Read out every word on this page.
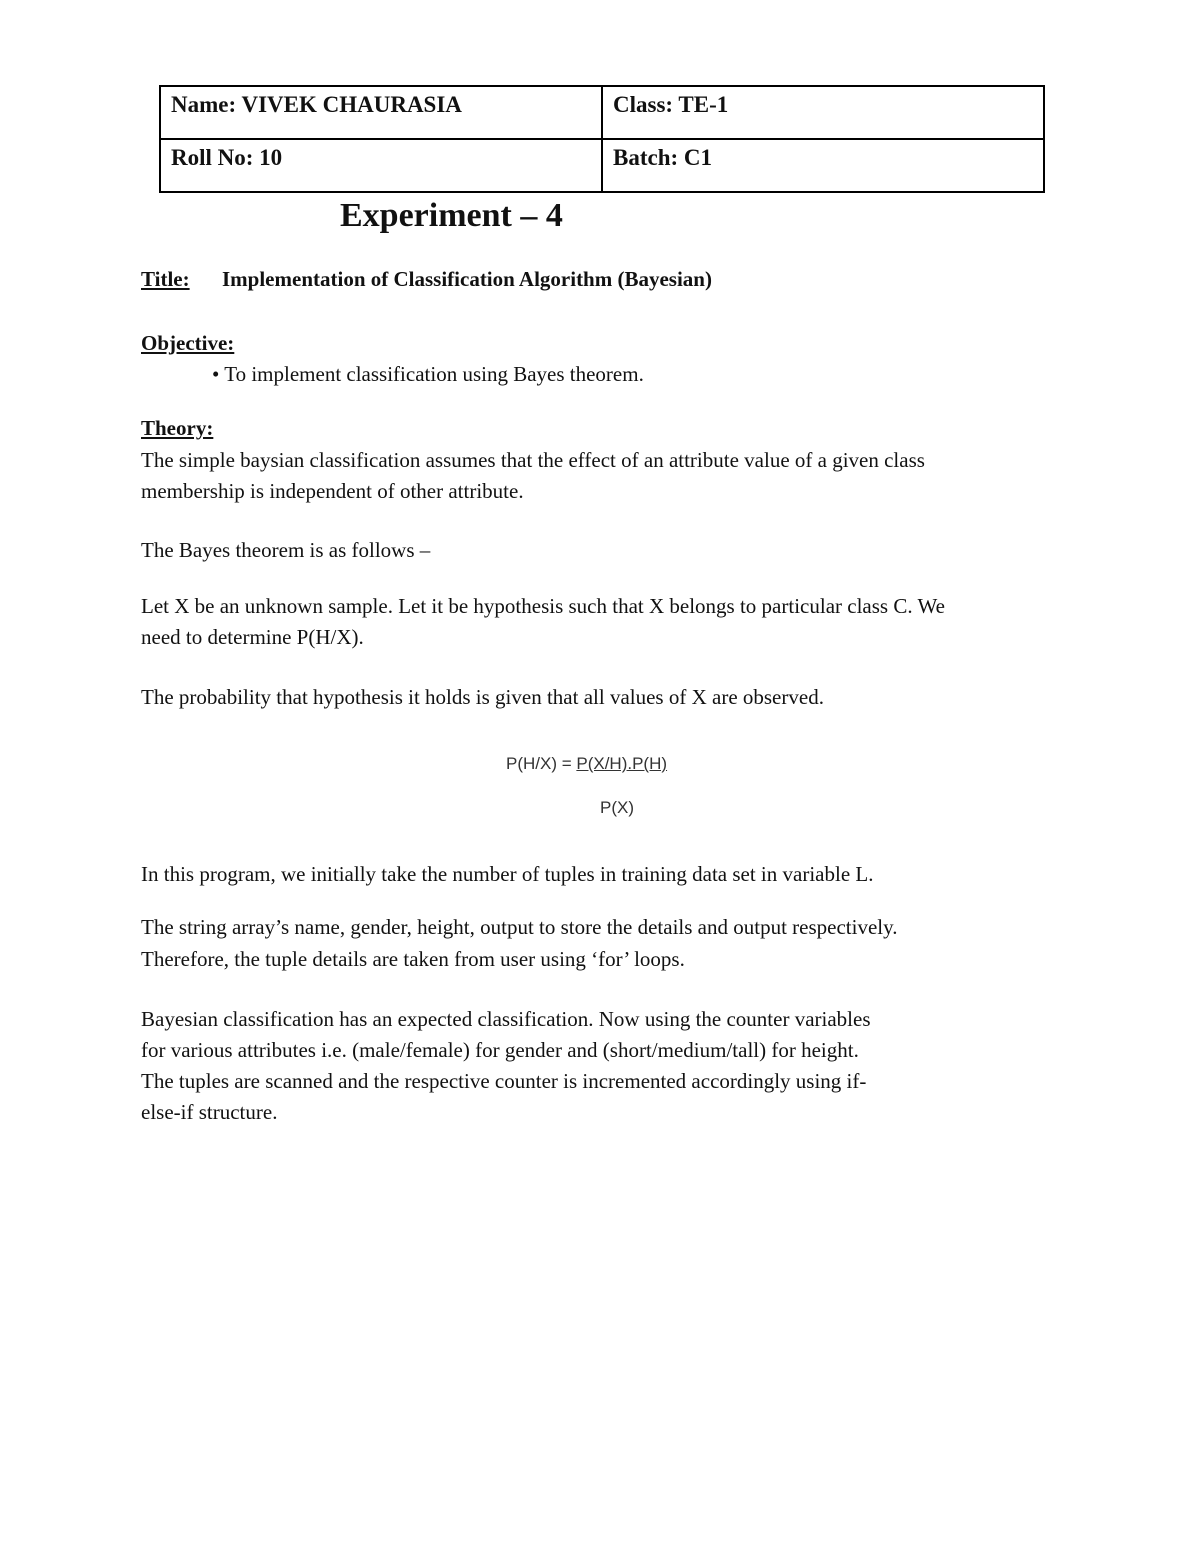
Name: VIVEK CHAURASIA	Class: TE-1
Roll No: 10	Batch: C1
Experiment – 4
Title: Implementation of Classification Algorithm (Bayesian)
Objective:
• To implement classification using Bayes theorem.
Theory:
The simple baysian classification assumes that the effect of an attribute value of a given class
membership is independent of other attribute.
The Bayes theorem is as follows –
Let X be an unknown sample. Let it be hypothesis such that X belongs to particular class C. We
need to determine P(H/X).
The probability that hypothesis it holds is given that all values of X are observed.
P(H/X) = P(X/H).P(H)
P(X)
In this program, we initially take the number of tuples in training data set in variable L.
The string array’s name, gender, height, output to store the details and output respectively.
Therefore, the tuple details are taken from user using ‘for’ loops.
Bayesian classification has an expected classification. Now using the counter variables
for various attributes i.e. (male/female) for gender and (short/medium/tall) for height.
The tuples are scanned and the respective counter is incremented accordingly using if-
else-if structure.
